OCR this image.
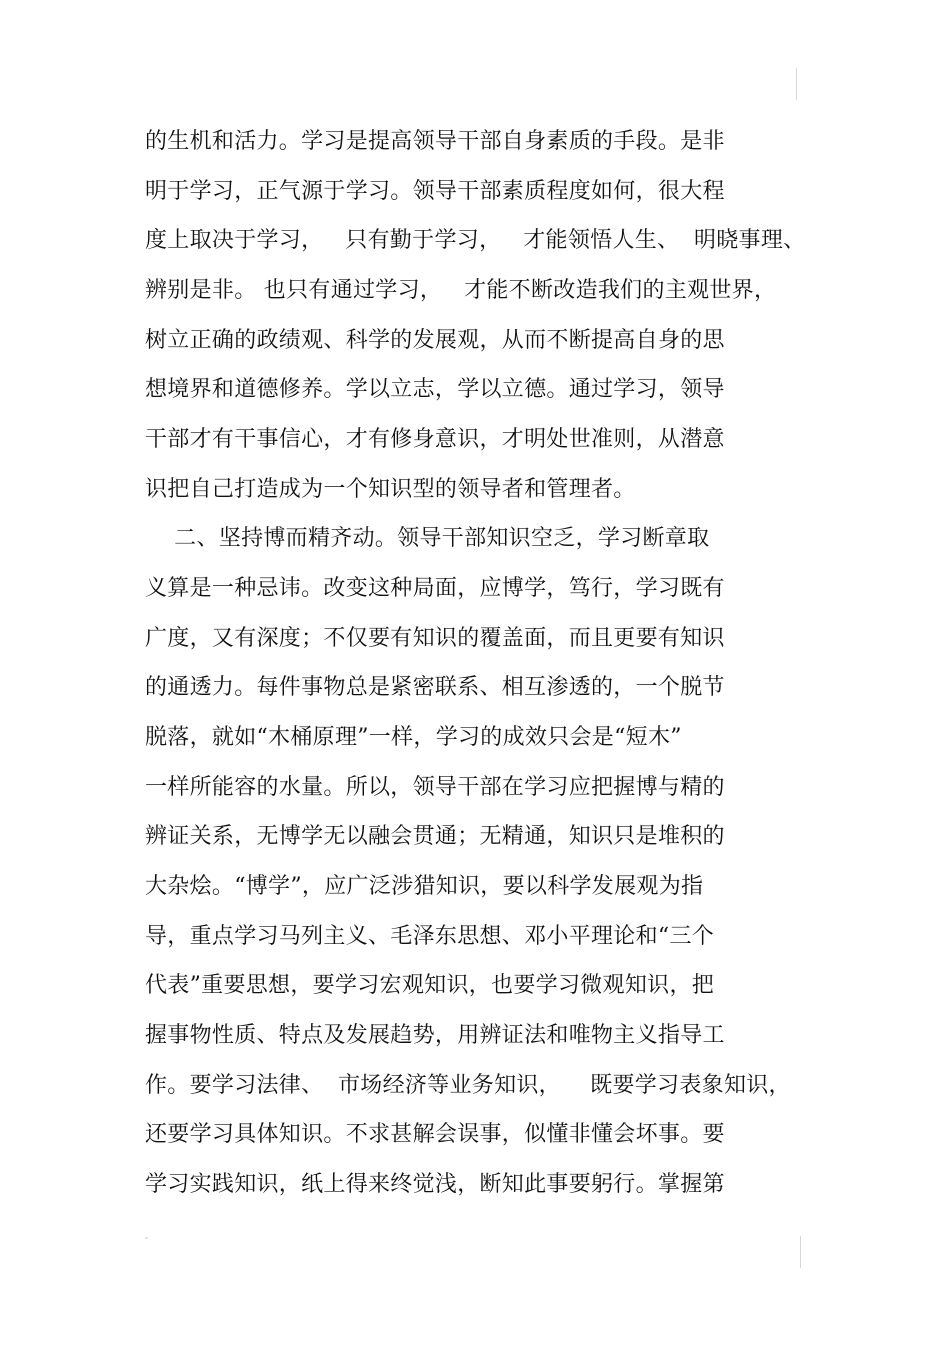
的生机和活力。学习是提高领导干部自身素质的手段。是非

明于学习，正气源于学习。领导干部素质程度如何，很大程

度上取决于学习，   只有勤于学习，   才能领悟人生、  明晓事理、

辨别是非。 也只有通过学习，   才能不断改造我们的主观世界，

树立正确的政绩观、科学的发展观，从而不断提高自身的思

想境界和道德修养。学以立志，学以立德。通过学习，领导

干部才有干事信心，才有修身意识，才明处世准则，从潜意

识把自己打造成为一个知识型的领导者和管理者。

二、坚持博而精齐动。领导干部知识空乏，学习断章取

义算是一种忌讳。改变这种局面，应博学，笃行，学习既有

广度，又有深度；不仅要有知识的覆盖面，而且更要有知识

的通透力。每件事物总是紧密联系、相互渗透的，一个脱节

脱落，就如“木桶原理”一样，学习的成效只会是“短木”

一样所能容的水量。所以，领导干部在学习应把握博与精的

辨证关系，无博学无以融会贯通；无精通，知识只是堆积的

大杂烩。“博学”，应广泛涉猎知识，要以科学发展观为指

导，重点学习马列主义、毛泽东思想、邓小平理论和“三个

代表”重要思想，要学习宏观知识，也要学习微观知识，把

握事物性质、特点及发展趋势，用辨证法和唯物主义指导工

作。要学习法律、  市场经济等业务知识，    既要学习表象知识，

还要学习具体知识。不求甚解会误事，似懂非懂会坏事。要

学习实践知识，纸上得来终觉浅，断知此事要躬行。掌握第
